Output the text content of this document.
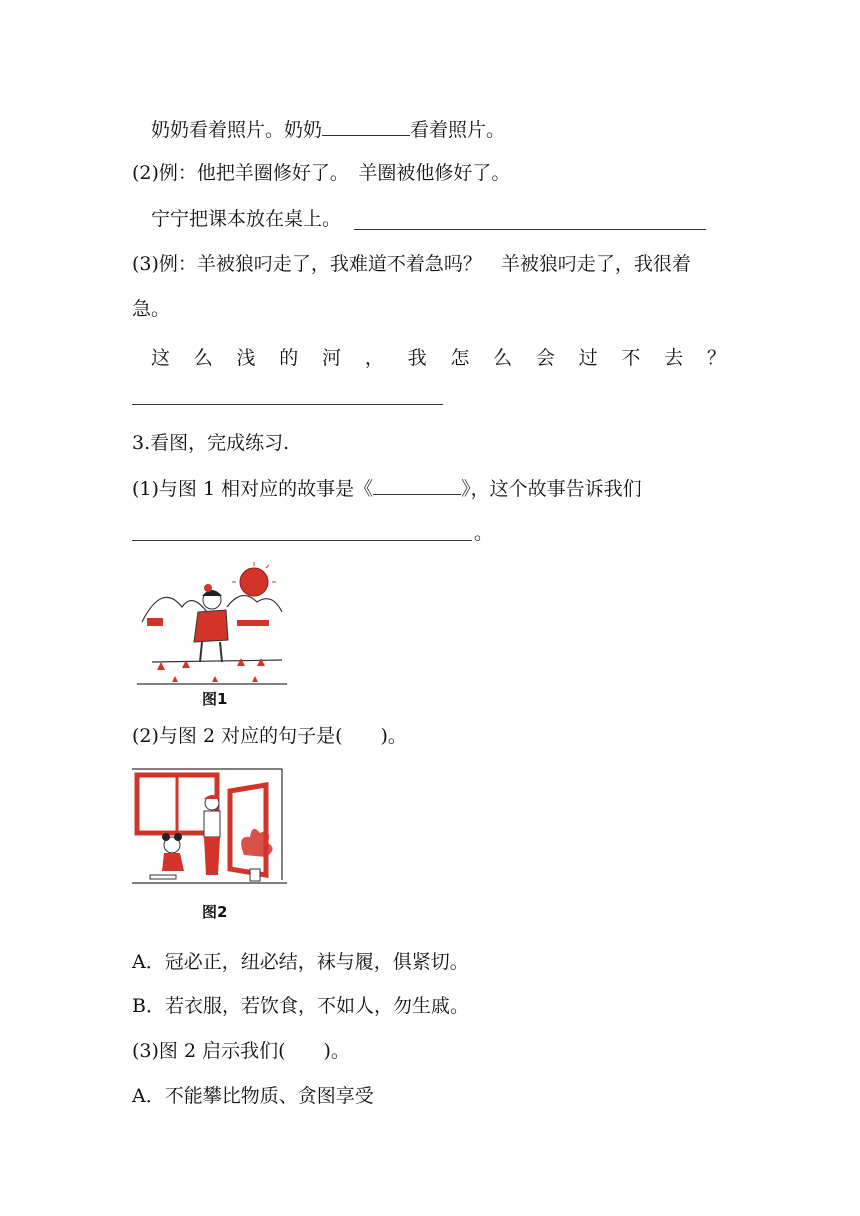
奶奶看着照片。奶奶	看着照片。
(2)例：他把羊圈修好了。　羊圈被他修好了。
宁宁把课本放在桌上。
(3)例：羊被狼叼走了，我难道不着急吗？　羊被狼叼走了，我很着
急。
这 么 浅 的 河 ， 我 怎 么 会 过 不 去 ？
3.看图，完成练习.
(1)与图 1 相对应的故事是《	》，这个故事告诉我们
。
图1
(2)与图 2 对应的句子是(　　)。
图2
A．冠必正，纽必结，袜与履，俱紧切。
B．若衣服，若饮食，不如人，勿生戚。
(3)图 2 启示我们(　　)。
A．不能攀比物质、贪图享受
